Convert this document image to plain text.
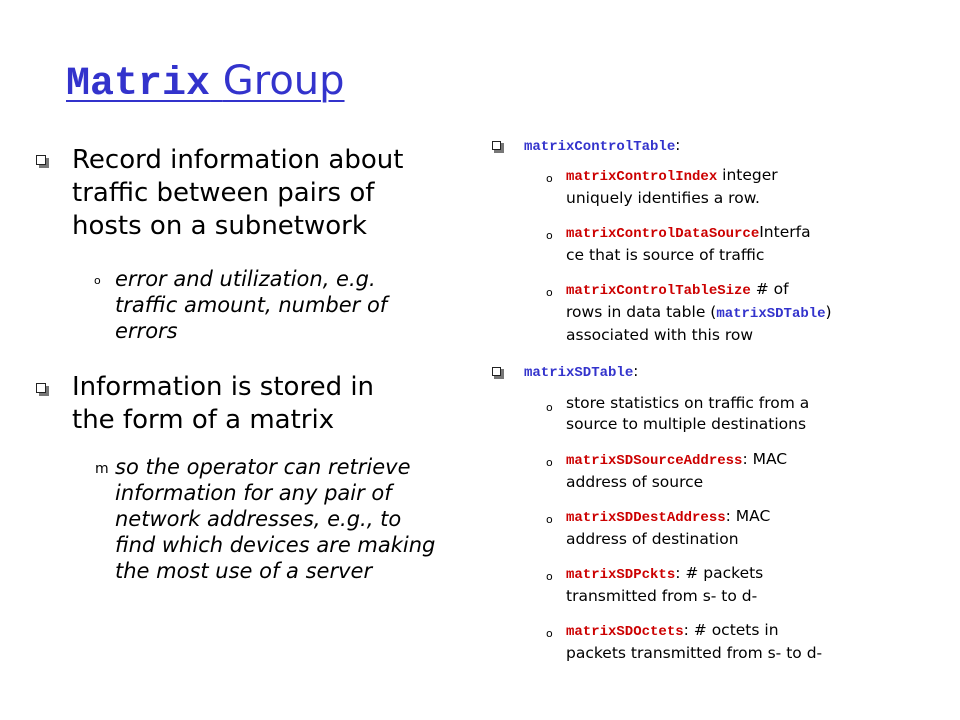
Matrix Group
Record information about
traffic between pairs of
hosts on a subnetwork
o error and utilization, e.g.
traffic amount, number of
errors
Information is stored in
the form of a matrix
m so the operator can retrieve
information for any pair of
network addresses, e.g., to
find which devices are making
the most use of a server
matrixControlTable:
o matrixControlIndex integer
uniquely identifies a row.
o matrixControlDataSourceInterfa
ce that is source of traffic
o matrixControlTableSize # of
rows in data table (matrixSDTable)
associated with this row
matrixSDTable:
o store statistics on traffic from a
source to multiple destinations
o matrixSDSourceAddress: MAC
address of source
o matrixSDDestAddress: MAC
address of destination
o matrixSDPckts: # packets
transmitted from s- to d-
o matrixSDOctets: # octets in
packets transmitted from s- to d-
